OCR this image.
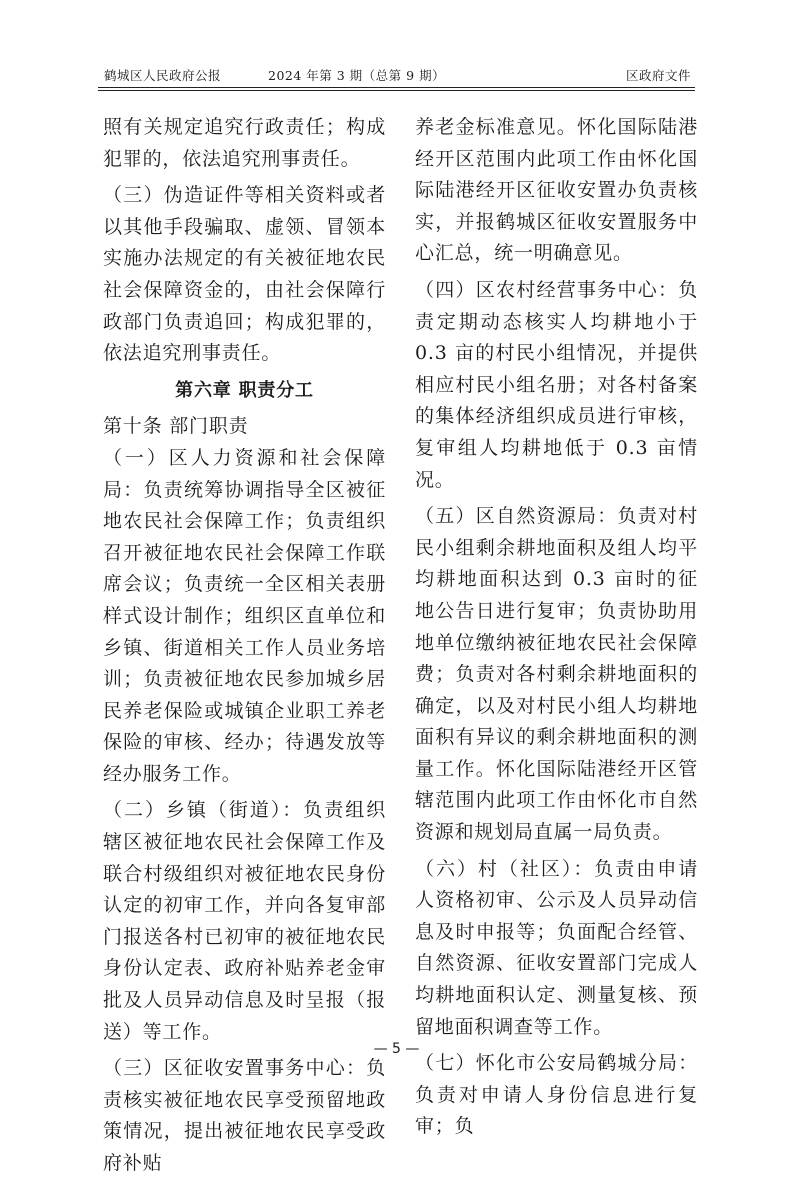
鹤城区人民政府公报	2024 年第 3 期（总第 9 期）	区政府文件

照有关规定追究行政责任；构成犯罪的，依法追究刑事责任。

（三）伪造证件等相关资料或者以其他手段骗取、虚领、冒领本实施办法规定的有关被征地农民社会保障资金的，由社会保障行政部门负责追回；构成犯罪的，依法追究刑事责任。

第六章 职责分工

第十条 部门职责

（一）区人力资源和社会保障局：负责统筹协调指导全区被征地农民社会保障工作；负责组织召开被征地农民社会保障工作联席会议；负责统一全区相关表册样式设计制作；组织区直单位和乡镇、街道相关工作人员业务培训；负责被征地农民参加城乡居民养老保险或城镇企业职工养老保险的审核、经办；待遇发放等经办服务工作。

（二）乡镇（街道）：负责组织辖区被征地农民社会保障工作及联合村级组织对被征地农民身份认定的初审工作，并向各复审部门报送各村已初审的被征地农民身份认定表、政府补贴养老金审批及人员异动信息及时呈报（报送）等工作。

（三）区征收安置事务中心：负责核实被征地农民享受预留地政策情况，提出被征地农民享受政府补贴

养老金标准意见。怀化国际陆港经开区范围内此项工作由怀化国际陆港经开区征收安置办负责核实，并报鹤城区征收安置服务中心汇总，统一明确意见。

（四）区农村经营事务中心：负责定期动态核实人均耕地小于 0.3 亩的村民小组情况，并提供相应村民小组名册；对各村备案的集体经济组织成员进行审核，复审组人均耕地低于 0.3 亩情况。

（五）区自然资源局：负责对村民小组剩余耕地面积及组人均平均耕地面积达到 0.3 亩时的征地公告日进行复审；负责协助用地单位缴纳被征地农民社会保障费；负责对各村剩余耕地面积的确定，以及对村民小组人均耕地面积有异议的剩余耕地面积的测量工作。怀化国际陆港经开区管辖范围内此项工作由怀化市自然资源和规划局直属一局负责。

（六）村（社区）：负责由申请人资格初审、公示及人员异动信息及时申报等；负面配合经管、自然资源、征收安置部门完成人均耕地面积认定、测量复核、预留地面积调查等工作。

（七）怀化市公安局鹤城分局：负责对申请人身份信息进行复审；负

— 5 —
